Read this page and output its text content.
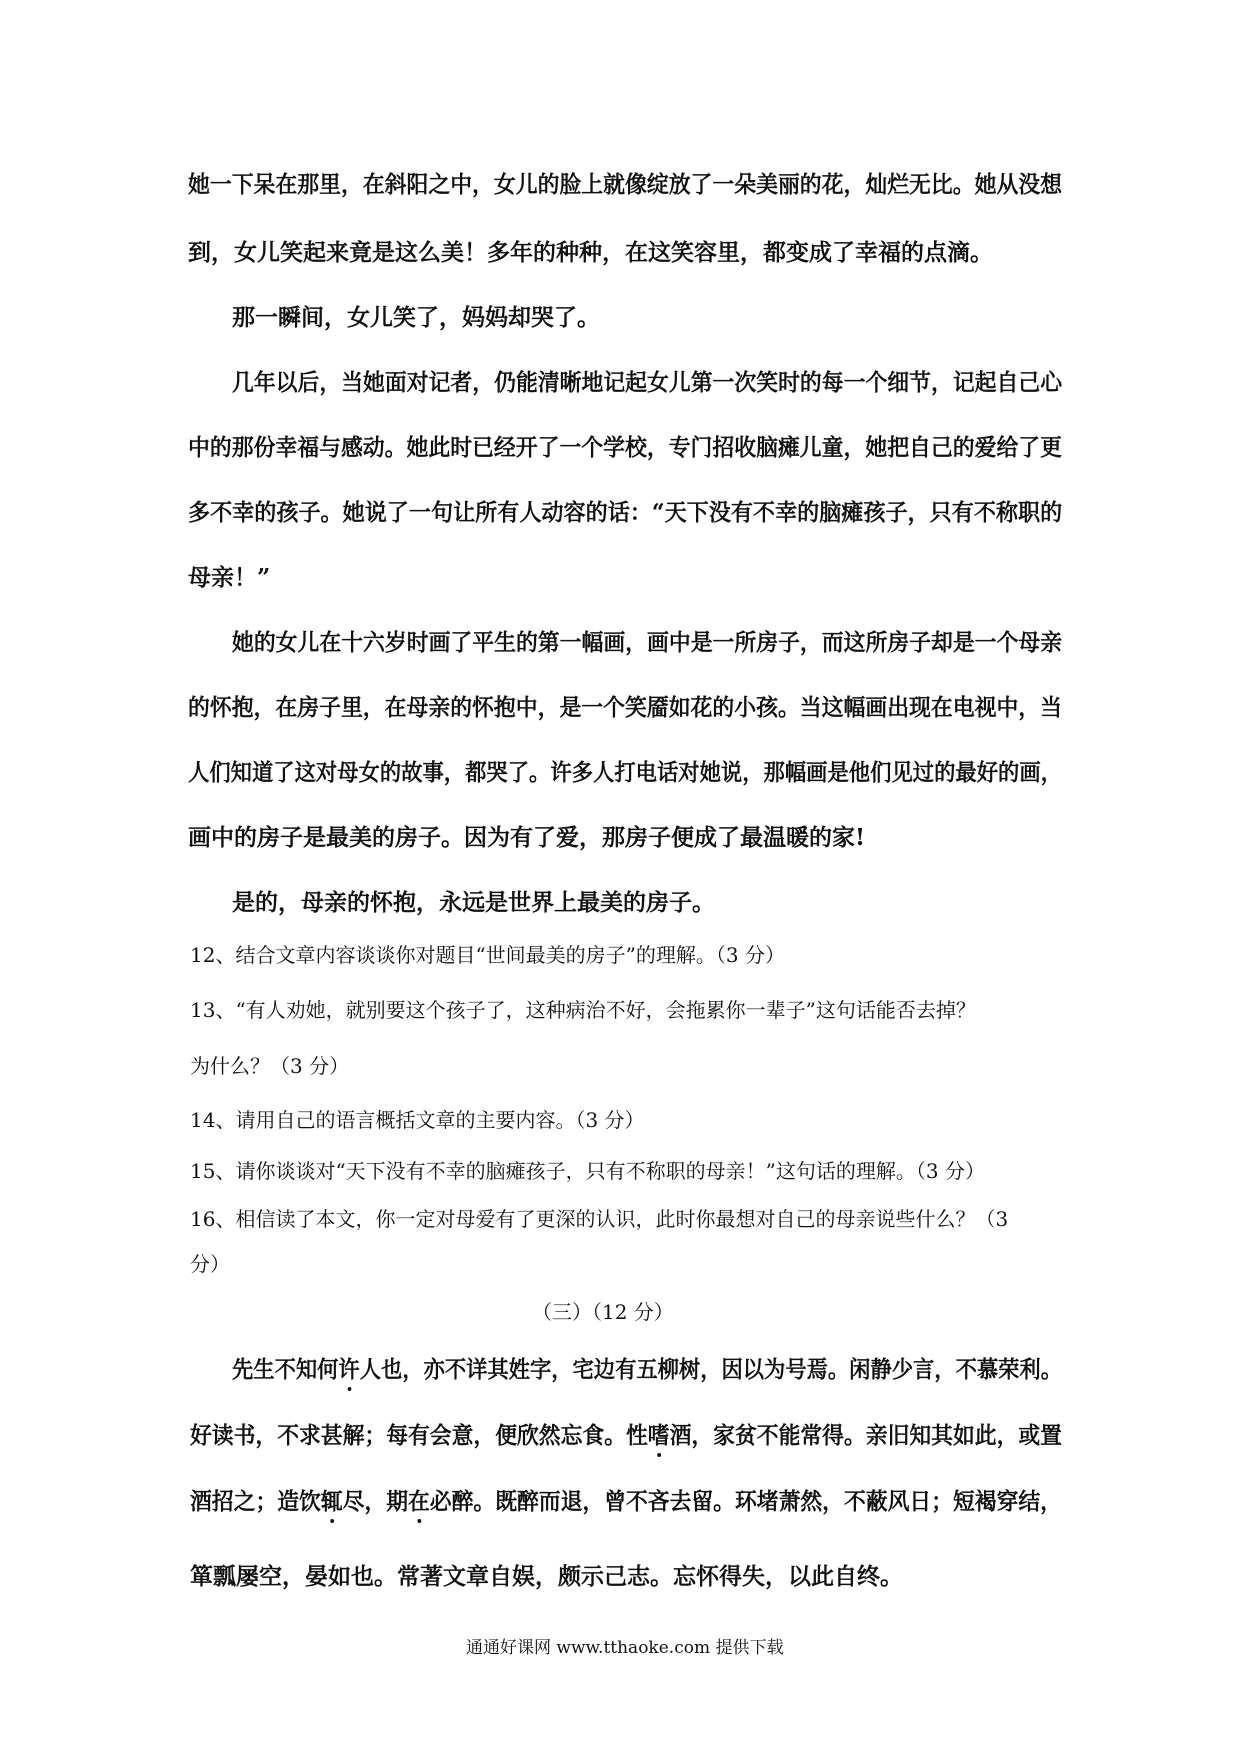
她一下呆在那里，在斜阳之中，女儿的脸上就像绽放了一朵美丽的花，灿烂无比。她从没想
到，女儿笑起来竟是这么美！多年的种种，在这笑容里，都变成了幸福的点滴。
那一瞬间，女儿笑了，妈妈却哭了。
几年以后，当她面对记者，仍能清晰地记起女儿第一次笑时的每一个细节，记起自己心
中的那份幸福与感动。她此时已经开了一个学校，专门招收脑瘫儿童，她把自己的爱给了更
多不幸的孩子。她说了一句让所有人动容的话：“天下没有不幸的脑瘫孩子，只有不称职的
母亲！”
她的女儿在十六岁时画了平生的第一幅画，画中是一所房子，而这所房子却是一个母亲
的怀抱，在房子里，在母亲的怀抱中，是一个笑靥如花的小孩。当这幅画出现在电视中，当
人们知道了这对母女的故事，都哭了。许多人打电话对她说，那幅画是他们见过的最好的画，
画中的房子是最美的房子。因为有了爱，那房子便成了最温暖的家!
是的，母亲的怀抱，永远是世界上最美的房子。
12、结合文章内容谈谈你对题目“世间最美的房子”的理解。（3 分）
13、“有人劝她，就别要这个孩子了，这种病治不好，会拖累你一辈子”这句话能否去掉？
为什么？（3 分）
14、请用自己的语言概括文章的主要内容。（3 分）
15、请你谈谈对“天下没有不幸的脑瘫孩子，只有不称职的母亲！”这句话的理解。（3 分）
16、相信读了本文，你一定对母爱有了更深的认识，此时你最想对自己的母亲说些什么？（3
分）
（三）（12 分）
先生不知何许人也，亦不详其姓字，宅边有五柳树，因以为号焉。闲静少言，不慕荣利。
好读书，不求甚解；每有会意，便欣然忘食。性嗜酒，家贫不能常得。亲旧知其如此，或置
酒招之；造饮辄尽，期在必醉。既醉而退，曾不吝去留。环堵萧然，不蔽风日；短褐穿结，
箪瓢屡空，晏如也。常著文章自娱，颇示己志。忘怀得失，以此自终。
通通好课网 www.tthaoke.com 提供下载
